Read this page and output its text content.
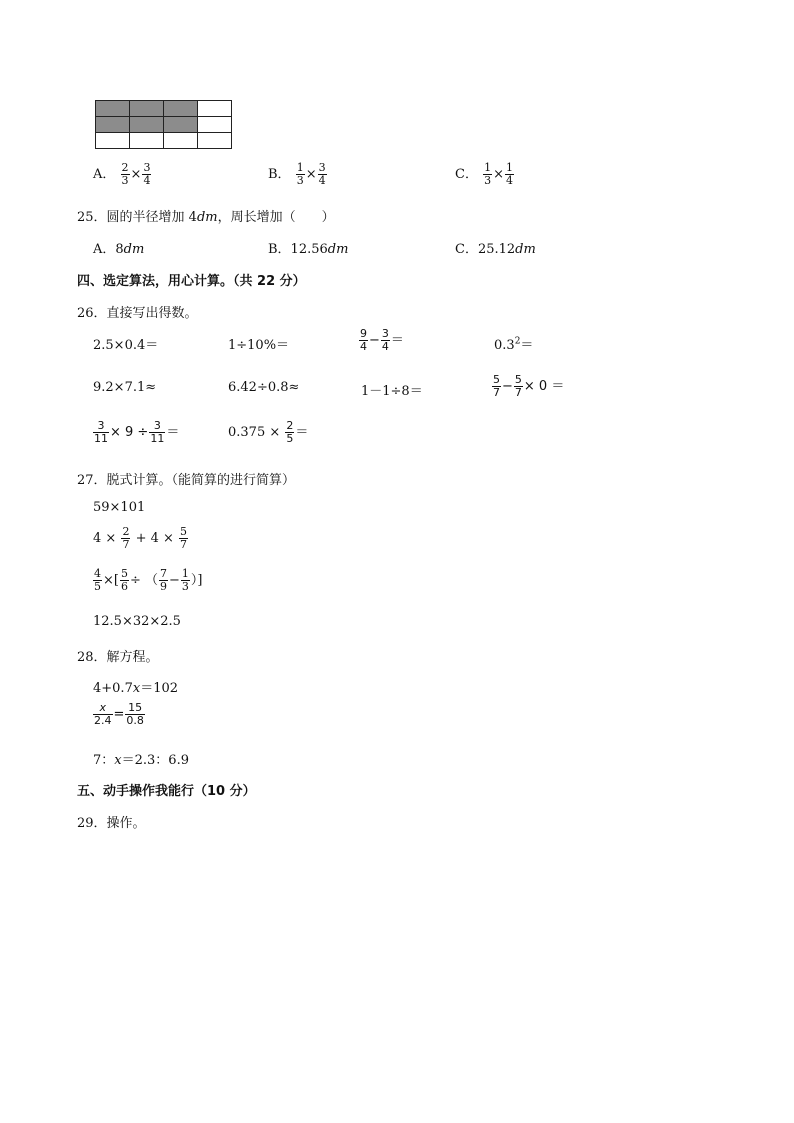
A． $\frac{2}{3} \times \frac{3}{4}$	B． $\frac{1}{3} \times \frac{3}{4}$	C． $\frac{1}{3} \times \frac{1}{4}$
25．圆的半径增加 4dm，周长增加（　　）
A．8dm	B．12.56dm	C．25.12dm
四、选定算法，用心计算。（共 22 分）
26．直接写出得数。
2.5×0.4＝	1÷10%＝	$\frac{9}{4} - \frac{3}{4}$ ＝	$0.3^2=$
9.2×7.1≈	6.42÷0.8≈	1－1÷8＝	$\frac{5}{7} - \frac{5}{7} \times 0$ ＝
$\frac{3}{11} \times 9 \div \frac{3}{11}$ ＝	$0.375 \times \frac{2}{5}$ ＝
27．脱式计算。（能简算的进行简算）
59×101
$4 \times \frac{2}{7} + 4 \times \frac{5}{7}$
$\frac{4}{5}$ ×[ $\frac{5}{6}$ ÷ （ $\frac{7}{9} - \frac{1}{3}$ ）]
12.5×32×2.5
28．解方程。
4+0.7x＝102
$\frac{x}{2.4} = \frac{15}{0.8}$
7：x＝2.3：6.9
五、动手操作我能行（10 分）
29．操作。
